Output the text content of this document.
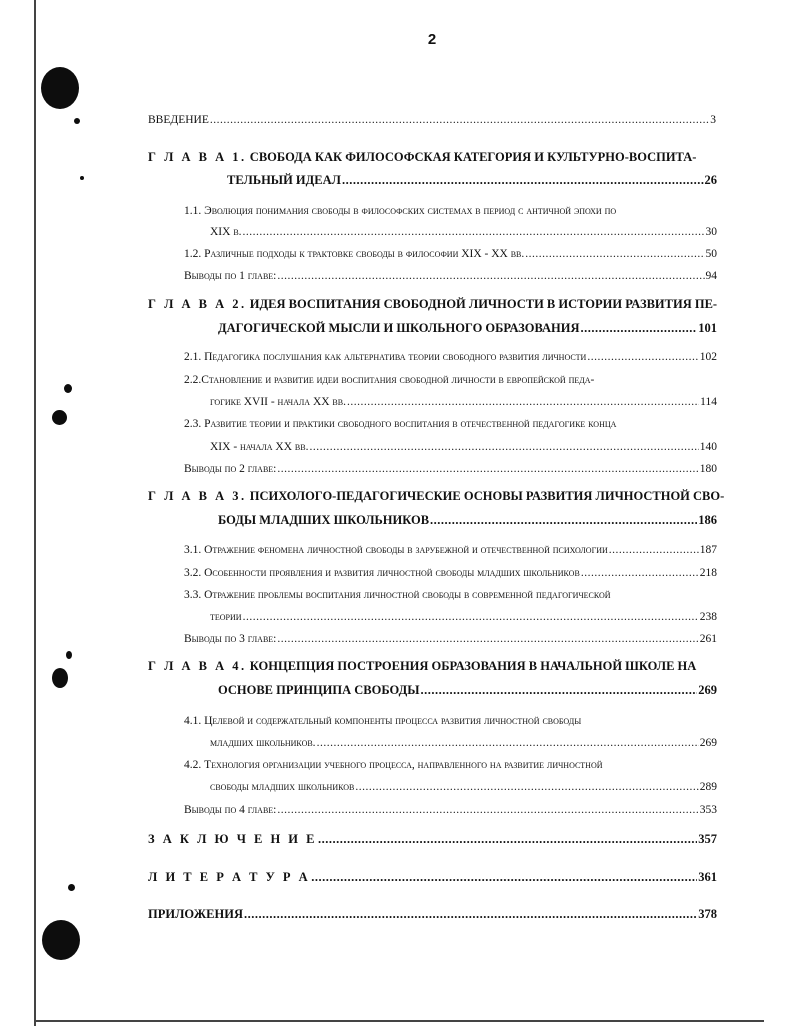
2
ВВЕДЕНИЕ .....	3
Г Л А В А 1. СВОБОДА КАК ФИЛОСОФСКАЯ КАТЕГОРИЯ И КУЛЬТУРНО-ВОСПИТА-
ТЕЛЬНЫЙ ИДЕАЛ .....	26
1.1. Эволюция понимания свободы в философских системах в период с античной эпохи по
XIX в. .....	30
1.2. Различные подходы к трактовке свободы в философии XIX - XX вв. .....	50
Выводы по 1 главе: .....	94
Г Л А В А 2. ИДЕЯ ВОСПИТАНИЯ СВОБОДНОЙ ЛИЧНОСТИ В ИСТОРИИ РАЗВИТИЯ ПЕ-
ДАГОГИЧЕСКОЙ МЫСЛИ И ШКОЛЬНОГО ОБРАЗОВАНИЯ .....	101
2.1. Педагогика послушания как альтернатива теории свободного развития личности .....	102
2.2.Становление и развитие идеи воспитания свободной личности в европейской педа-
гогике XVII - начала XX вв. .....	114
2.3. Развитие теории и практики свободного воспитания в отечественной педагогике конца
XIX - начала XX вв. .....	140
Выводы по 2 главе: .....	180
Г Л А В А 3. ПСИХОЛОГО-ПЕДАГОГИЧЕСКИЕ ОСНОВЫ РАЗВИТИЯ ЛИЧНОСТНОЙ СВО-
БОДЫ МЛАДШИХ ШКОЛЬНИКОВ .....	186
3.1. Отражение феномена личностной свободы в зарубежной и отечественной психологии .....	187
3.2. Особенности проявления и развития личностной свободы младших школьников .....	218
3.3. Отражение проблемы воспитания личностной свободы в современной педагогической
теории .....	238
Выводы по 3 главе: .....	261
Г Л А В А 4. КОНЦЕПЦИЯ ПОСТРОЕНИЯ ОБРАЗОВАНИЯ В НАЧАЛЬНОЙ ШКОЛЕ НА
ОСНОВЕ ПРИНЦИПА СВОБОДЫ .....	269
4.1. Целевой и содержательный компоненты процесса развития личностной свободы
младших школьников. .....	269
4.2. Технология организации учебного процесса, направленного на развитие личностной
свободы младших школьников .....	289
Выводы по 4 главе: .....	353
З А К Л Ю Ч Е Н И Е .....	357
Л И Т Е Р А Т У Р А .....	361
ПРИЛОЖЕНИЯ .....	378
